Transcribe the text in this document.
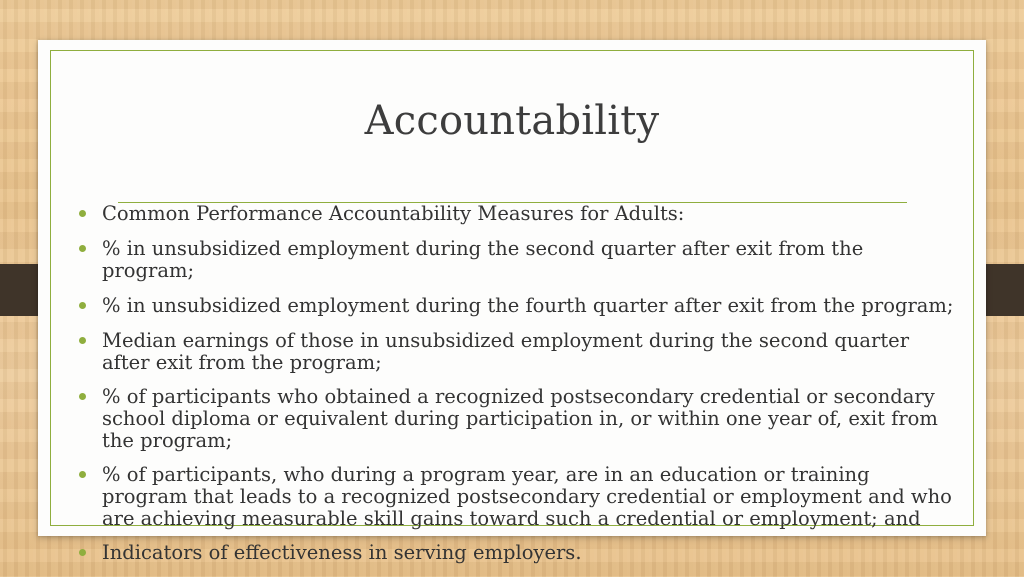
Accountability
Common Performance Accountability Measures for Adults:
% in unsubsidized employment during the second quarter after exit from the program;
% in unsubsidized employment during the fourth quarter after exit from the program;
Median earnings of those in unsubsidized employment during the second quarter after exit from the program;
% of participants who obtained a recognized postsecondary credential or secondary school diploma or equivalent during participation in, or within one year of, exit from the program;
% of participants, who during a program year, are in an education or training program that leads to a recognized postsecondary credential or employment and who are achieving measurable skill gains toward such a credential or employment; and
Indicators of effectiveness in serving employers.
